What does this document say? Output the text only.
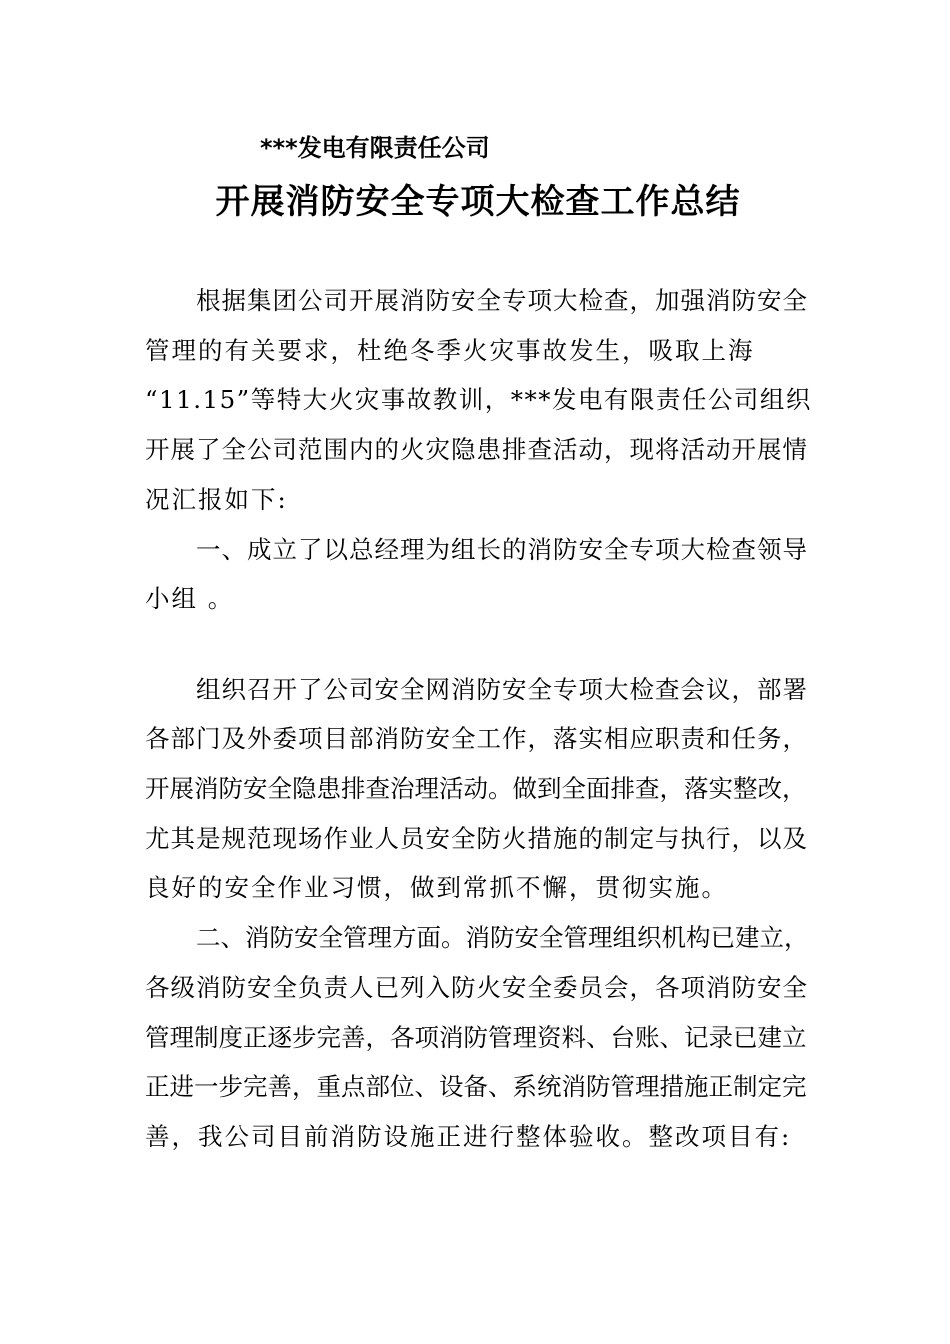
***发电有限责任公司
开展消防安全专项大检查工作总结
根据集团公司开展消防安全专项大检查，加强消防安全
管理的有关要求，杜绝冬季火灾事故发生，吸取上海
“11.15”等特大火灾事故教训，***发电有限责任公司组织
开展了全公司范围内的火灾隐患排查活动，现将活动开展情
况汇报如下:
一、成立了以总经理为组长的消防安全专项大检查领导
小组 。
组织召开了公司安全网消防安全专项大检查会议，部署
各部门及外委项目部消防安全工作，落实相应职责和任务，
开展消防安全隐患排查治理活动。做到全面排查，落实整改，
尤其是规范现场作业人员安全防火措施的制定与执行，以及
良好的安全作业习惯，做到常抓不懈，贯彻实施。
二、消防安全管理方面。消防安全管理组织机构已建立，
各级消防安全负责人已列入防火安全委员会，各项消防安全
管理制度正逐步完善，各项消防管理资料、台账、记录已建立
正进一步完善，重点部位、设备、系统消防管理措施正制定完
善，我公司目前消防设施正进行整体验收。整改项目有:
